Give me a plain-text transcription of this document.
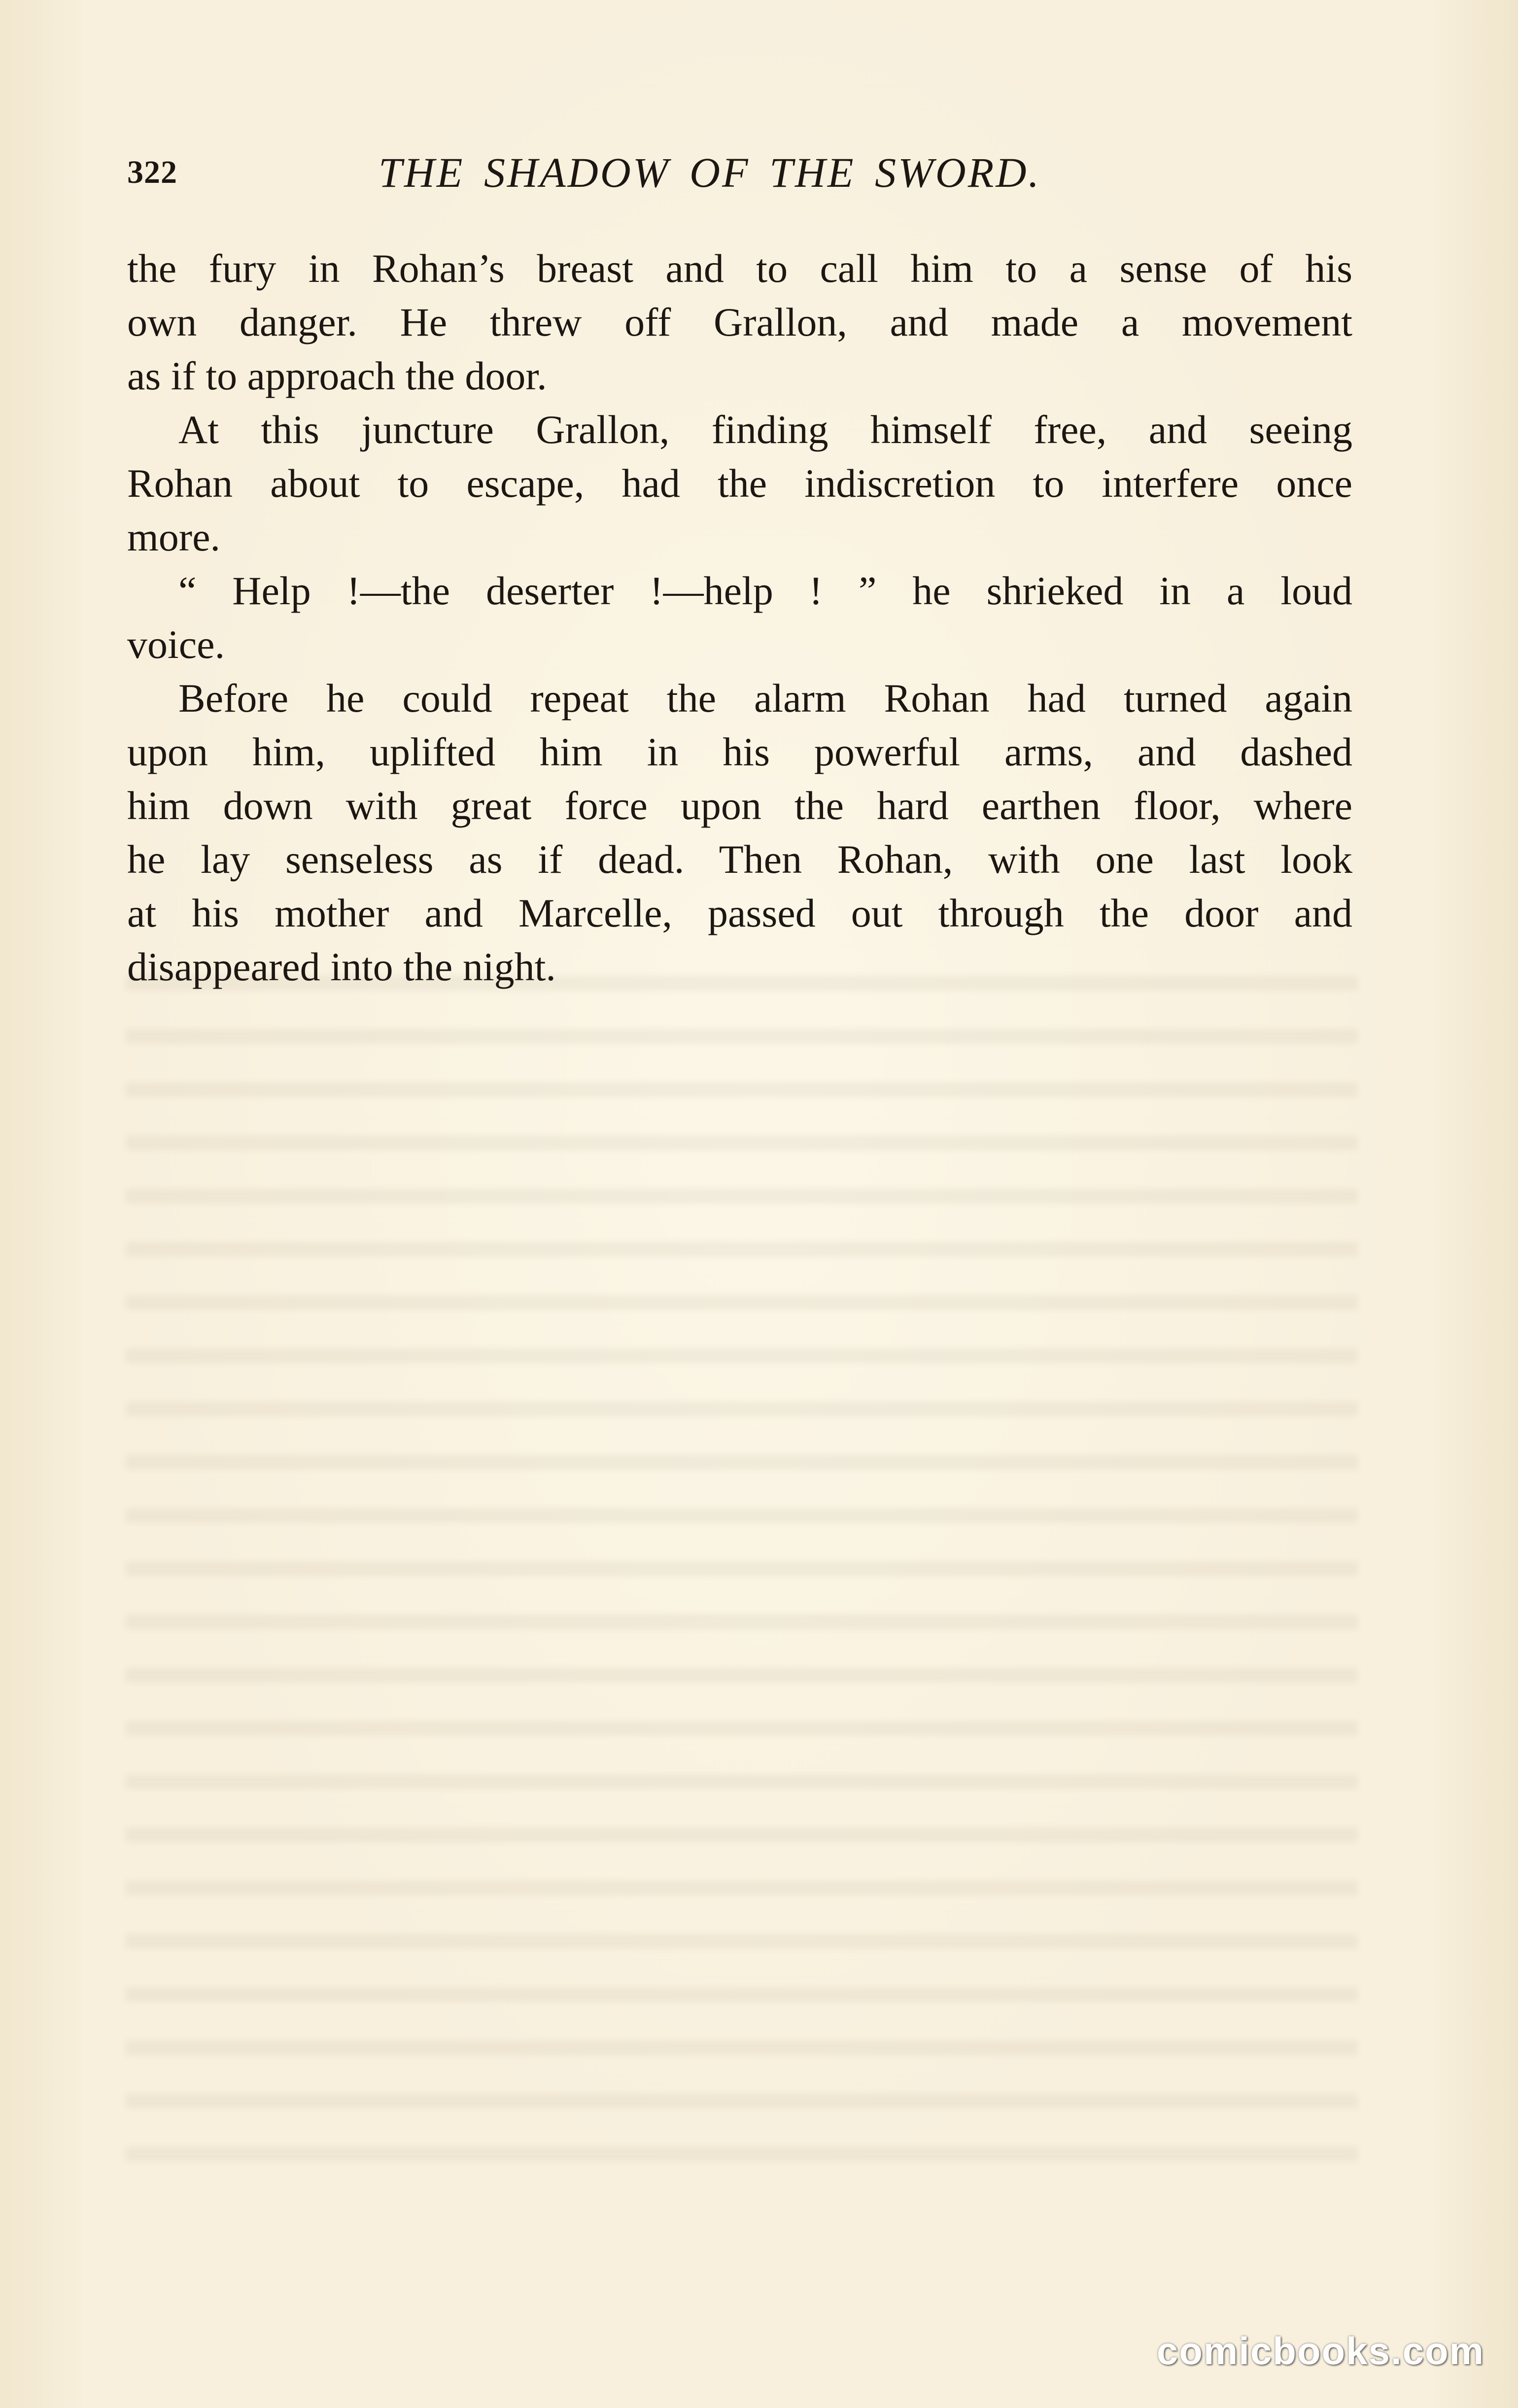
322	THE SHADOW OF THE SWORD.
the fury in Rohan’s breast and to call him to a sense of his
own danger. He threw off Grallon, and made a movement
as if to approach the door.
At this juncture Grallon, finding himself free, and seeing
Rohan about to escape, had the indiscretion to interfere once
more.
“ Help !—the deserter !—help ! ” he shrieked in a loud
voice.
Before he could repeat the alarm Rohan had turned again
upon him, uplifted him in his powerful arms, and dashed
him down with great force upon the hard earthen floor, where
he lay senseless as if dead. Then Rohan, with one last look
at his mother and Marcelle, passed out through the door and
disappeared into the night.
comicbooks.com
